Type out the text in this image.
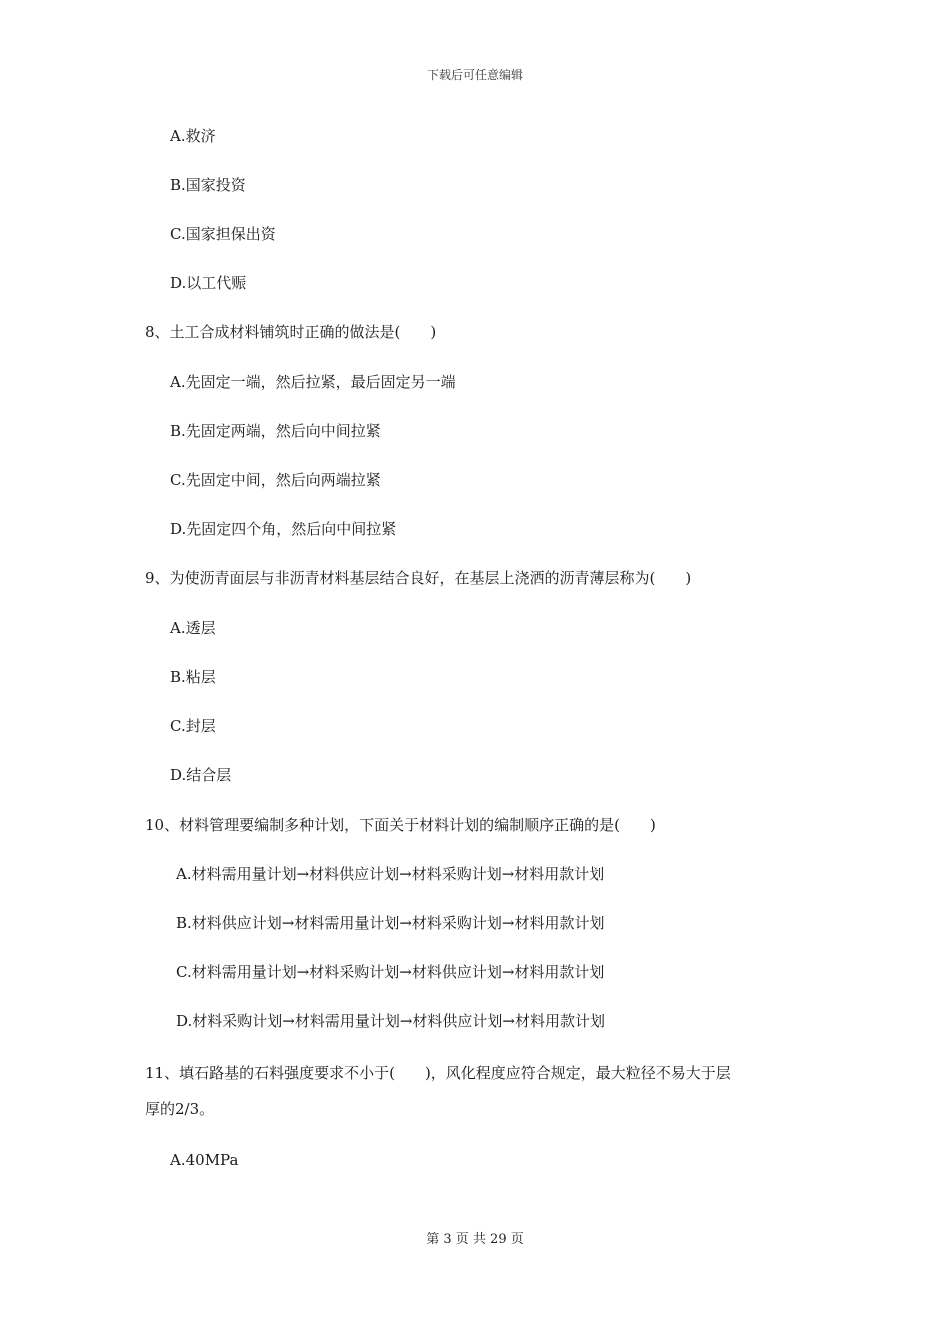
下载后可任意编辑
A.救济
B.国家投资
C.国家担保出资
D.以工代赈
8、土工合成材料铺筑时正确的做法是(　　)
A.先固定一端，然后拉紧，最后固定另一端
B.先固定两端，然后向中间拉紧
C.先固定中间，然后向两端拉紧
D.先固定四个角，然后向中间拉紧
9、为使沥青面层与非沥青材料基层结合良好，在基层上浇洒的沥青薄层称为(　　)
A.透层
B.粘层
C.封层
D.结合层
10、材料管理要编制多种计划，下面关于材料计划的编制顺序正确的是(　　)
A.材料需用量计划→材料供应计划→材料采购计划→材料用款计划
B.材料供应计划→材料需用量计划→材料采购计划→材料用款计划
C.材料需用量计划→材料采购计划→材料供应计划→材料用款计划
D.材料采购计划→材料需用量计划→材料供应计划→材料用款计划
11、填石路基的石料强度要求不小于(　　)，风化程度应符合规定，最大粒径不易大于层
厚的2/3。
A.40MPa
第 3 页 共 29 页
